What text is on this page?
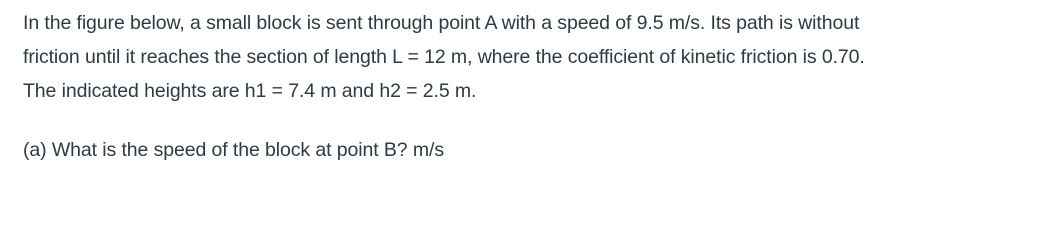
In the figure below, a small block is sent through point A with a speed of 9.5 m/s. Its path is without
friction until it reaches the section of length L = 12 m, where the coefficient of kinetic friction is 0.70.
The indicated heights are h1 = 7.4 m and h2 = 2.5 m.
(a) What is the speed of the block at point B? m/s
